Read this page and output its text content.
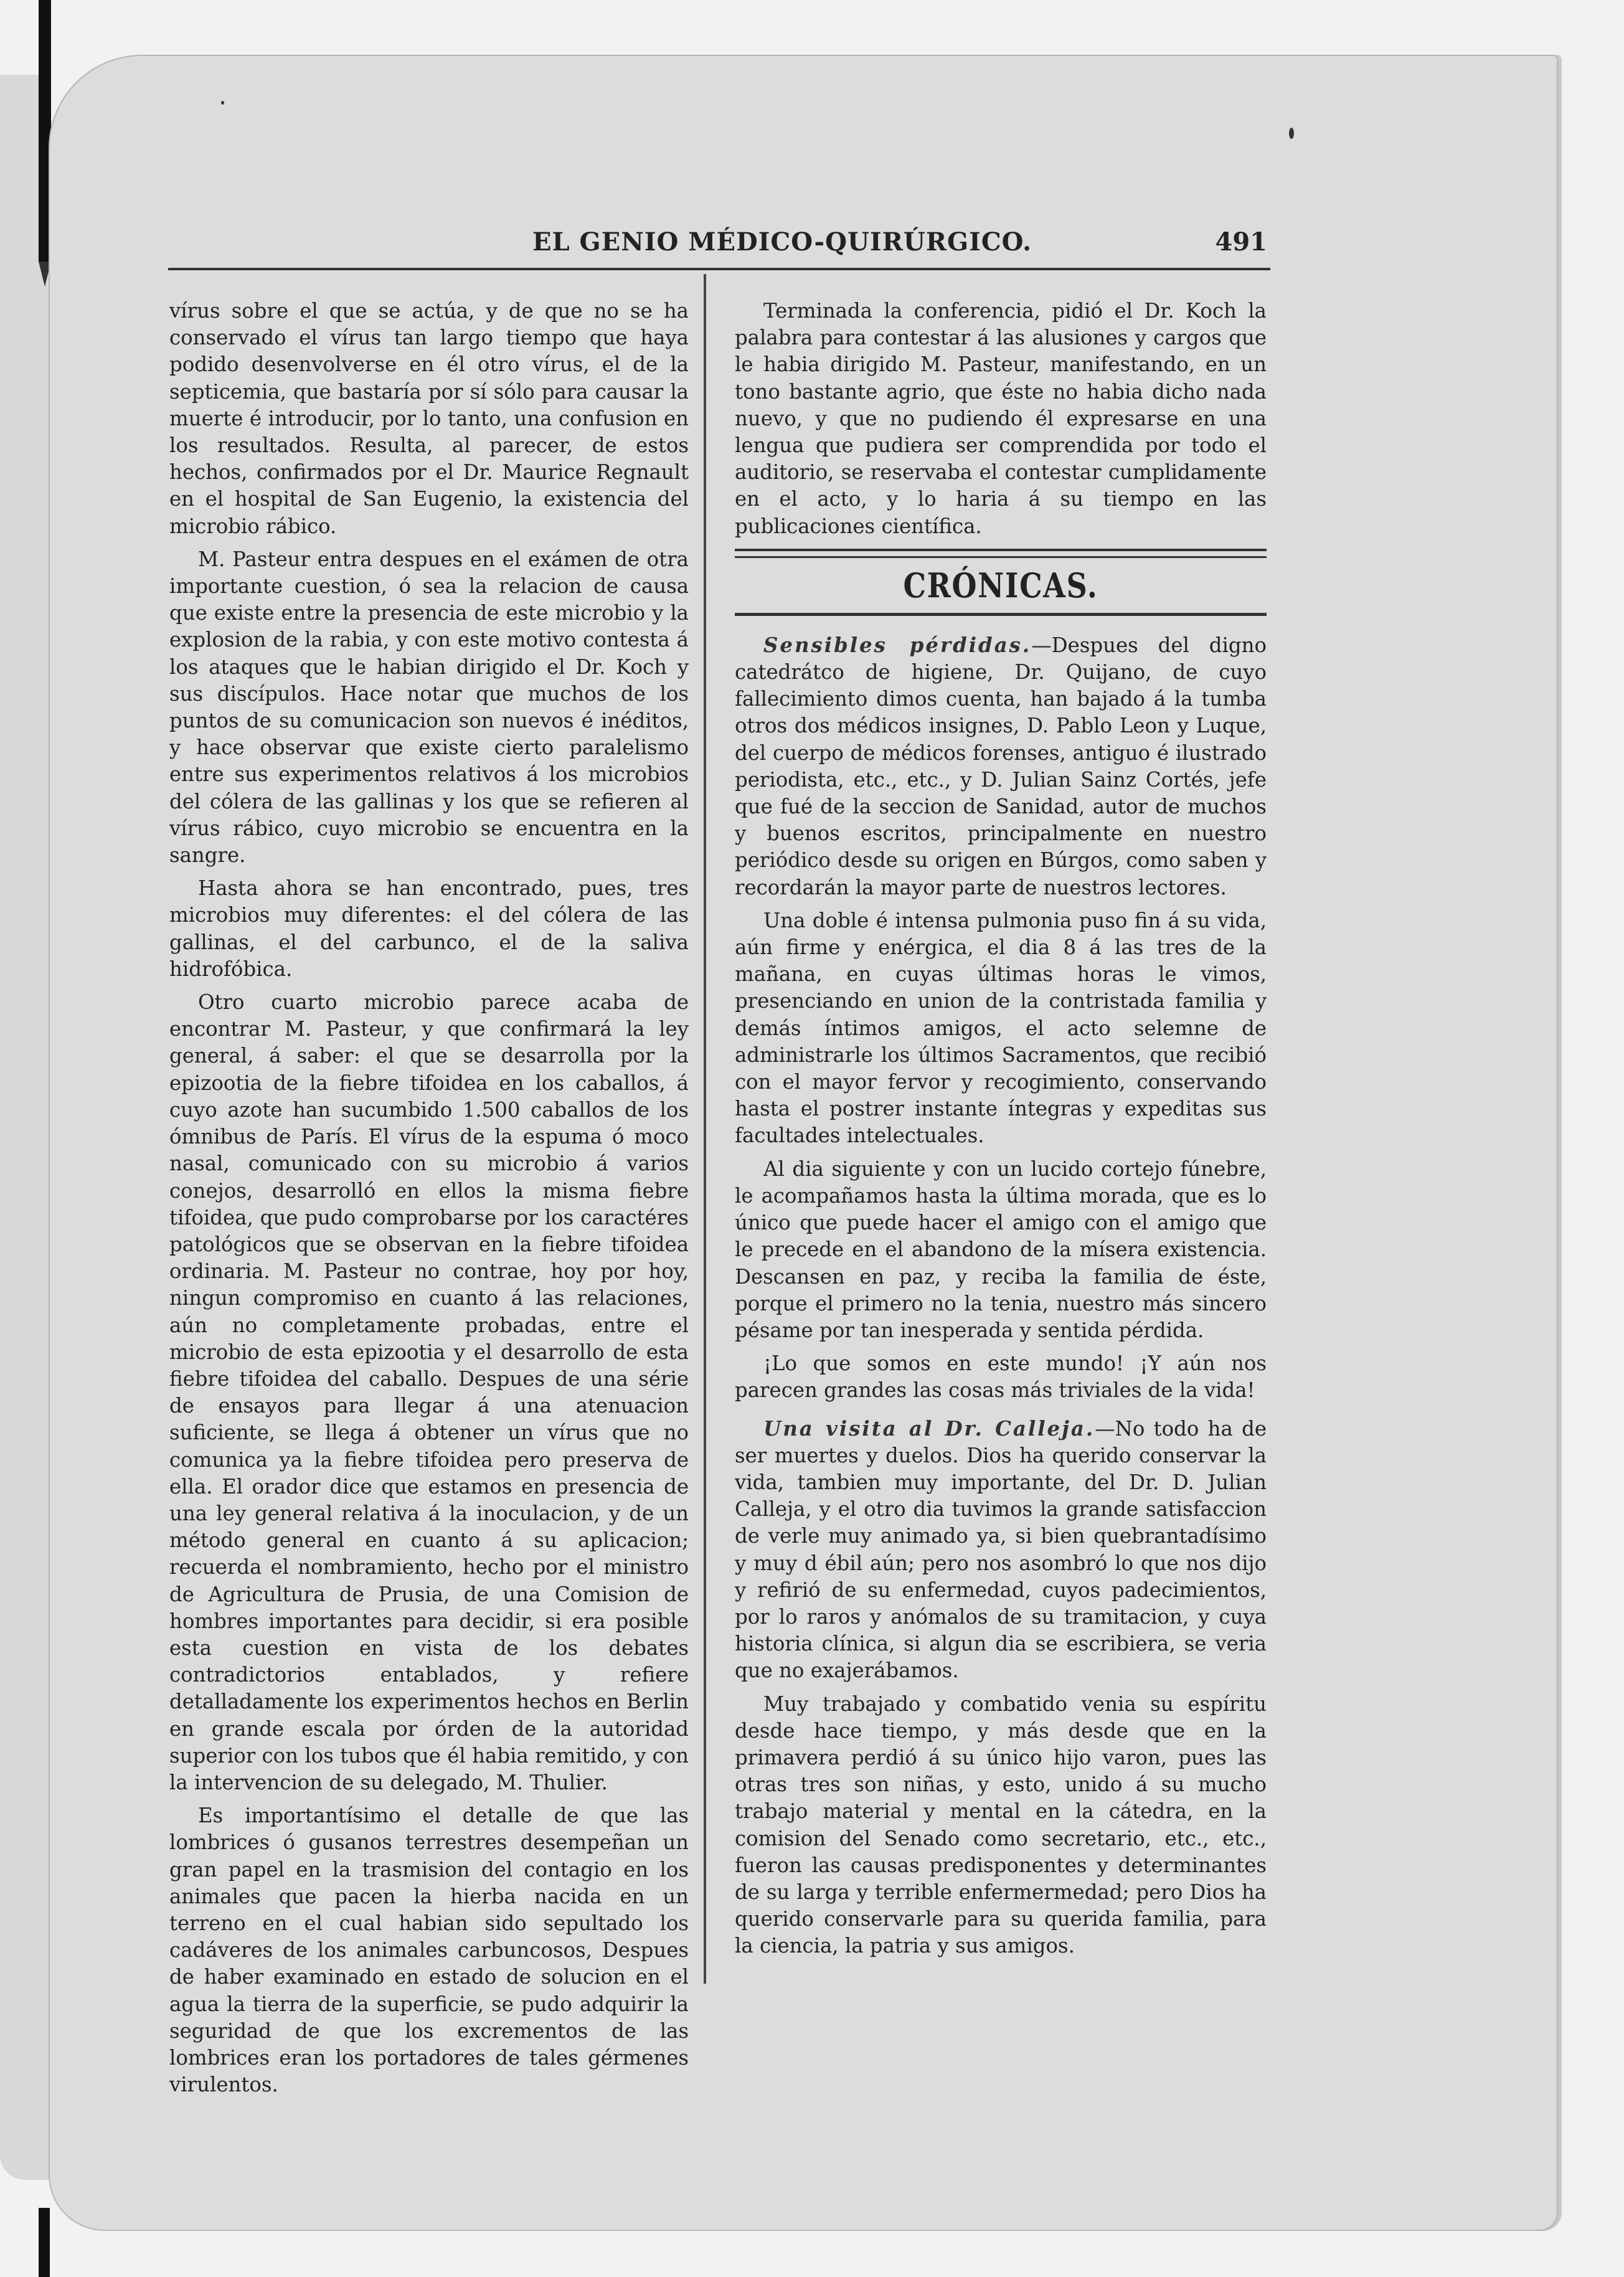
EL GENIO MÉDICO-QUIRÚRGICO.	491

vírus sobre el que se actúa, y de que no se ha conservado el vírus tan largo tiempo que haya podido desenvolverse en él otro vírus, el de la septicemia, que bastaría por sí sólo para causar la muerte é introducir, por lo tanto, una confusion en los resultados. Resulta, al parecer, de estos hechos, confirmados por el Dr. Maurice Regnault en el hospital de San Eugenio, la existencia del microbio rábico.

M. Pasteur entra despues en el exámen de otra importante cuestion, ó sea la relacion de causa que existe entre la presencia de este microbio y la explosion de la rabia, y con este motivo contesta á los ataques que le habian dirigido el Dr. Koch y sus discípulos. Hace notar que muchos de los puntos de su comunicacion son nuevos é inéditos, y hace observar que existe cierto paralelismo entre sus experimentos relativos á los microbios del cólera de las gallinas y los que se refieren al vírus rábico, cuyo microbio se encuentra en la sangre.

Hasta ahora se han encontrado, pues, tres microbios muy diferentes: el del cólera de las gallinas, el del carbunco, el de la saliva hidrofóbica.

Otro cuarto microbio parece acaba de encontrar M. Pasteur, y que confirmará la ley general, á saber: el que se desarrolla por la epizootia de la fiebre tifoidea en los caballos, á cuyo azote han sucumbido 1.500 caballos de los ómnibus de París. El vírus de la espuma ó moco nasal, comunicado con su microbio á varios conejos, desarrolló en ellos la misma fiebre tifoidea, que pudo comprobarse por los caractéres patológicos que se observan en la fiebre tifoidea ordinaria. M. Pasteur no contrae, hoy por hoy, ningun compromiso en cuanto á las relaciones, aún no completamente probadas, entre el microbio de esta epizootia y el desarrollo de esta fiebre tifoidea del caballo. Despues de una série de ensayos para llegar á una atenuacion suficiente, se llega á obtener un vírus que no comunica ya la fiebre tifoidea pero preserva de ella. El orador dice que estamos en presencia de una ley general relativa á la inoculacion, y de un método general en cuanto á su aplicacion; recuerda el nombramiento, hecho por el ministro de Agricultura de Prusia, de una Comision de hombres importantes para decidir, si era posible esta cuestion en vista de los debates contradictorios entablados, y refiere detalladamente los experimentos hechos en Berlin en grande escala por órden de la autoridad superior con los tubos que él habia remitido, y con la intervencion de su delegado, M. Thulier.

Es importantísimo el detalle de que las lombrices ó gusanos terrestres desempeñan un gran papel en la trasmision del contagio en los animales que pacen la hierba nacida en un terreno en el cual habian sido sepultado los cadáveres de los animales carbuncosos, Despues de haber examinado en estado de solucion en el agua la tierra de la superficie, se pudo adquirir la seguridad de que los excrementos de las lombrices eran los portadores de tales gérmenes virulentos.

Terminada la conferencia, pidió el Dr. Koch la palabra para contestar á las alusiones y cargos que le habia dirigido M. Pasteur, manifestando, en un tono bastante agrio, que éste no habia dicho nada nuevo, y que no pudiendo él expresarse en una lengua que pudiera ser comprendida por todo el auditorio, se reservaba el contestar cumplidamente en el acto, y lo haria á su tiempo en las publicaciones científica.

CRÓNICAS.

Sensibles pérdidas.—Despues del digno catedrátco de higiene, Dr. Quijano, de cuyo fallecimiento dimos cuenta, han bajado á la tumba otros dos médicos insignes, D. Pablo Leon y Luque, del cuerpo de médicos forenses, antiguo é ilustrado periodista, etc., etc., y D. Julian Sainz Cortés, jefe que fué de la seccion de Sanidad, autor de muchos y buenos escritos, principalmente en nuestro periódico desde su origen en Búrgos, como saben y recordarán la mayor parte de nuestros lectores.

Una doble é intensa pulmonia puso fin á su vida, aún firme y enérgica, el dia 8 á las tres de la mañana, en cuyas últimas horas le vimos, presenciando en union de la contristada familia y demás íntimos amigos, el acto selemne de administrarle los últimos Sacramentos, que recibió con el mayor fervor y recogimiento, conservando hasta el postrer instante íntegras y expeditas sus facultades intelectuales.

Al dia siguiente y con un lucido cortejo fúnebre, le acompañamos hasta la última morada, que es lo único que puede hacer el amigo con el amigo que le precede en el abandono de la mísera existencia. Descansen en paz, y reciba la familia de éste, porque el primero no la tenia, nuestro más sincero pésame por tan inesperada y sentida pérdida.

¡Lo que somos en este mundo! ¡Y aún nos parecen grandes las cosas más triviales de la vida!

Una visita al Dr. Calleja.—No todo ha de ser muertes y duelos. Dios ha querido conservar la vida, tambien muy importante, del Dr. D. Julian Calleja, y el otro dia tuvimos la grande satisfaccion de verle muy animado ya, si bien quebrantadísimo y muy d ébil aún; pero nos asombró lo que nos dijo y refirió de su enfermedad, cuyos padecimientos, por lo raros y anómalos de su tramitacion, y cuya historia clínica, si algun dia se escribiera, se veria que no exajerábamos.

Muy trabajado y combatido venia su espíritu desde hace tiempo, y más desde que en la primavera perdió á su único hijo varon, pues las otras tres son niñas, y esto, unido á su mucho trabajo material y mental en la cátedra, en la comision del Senado como secretario, etc., etc., fueron las causas predisponentes y determinantes de su larga y terrible enfermermedad; pero Dios ha querido conservarle para su querida familia, para la ciencia, la patria y sus amigos.
